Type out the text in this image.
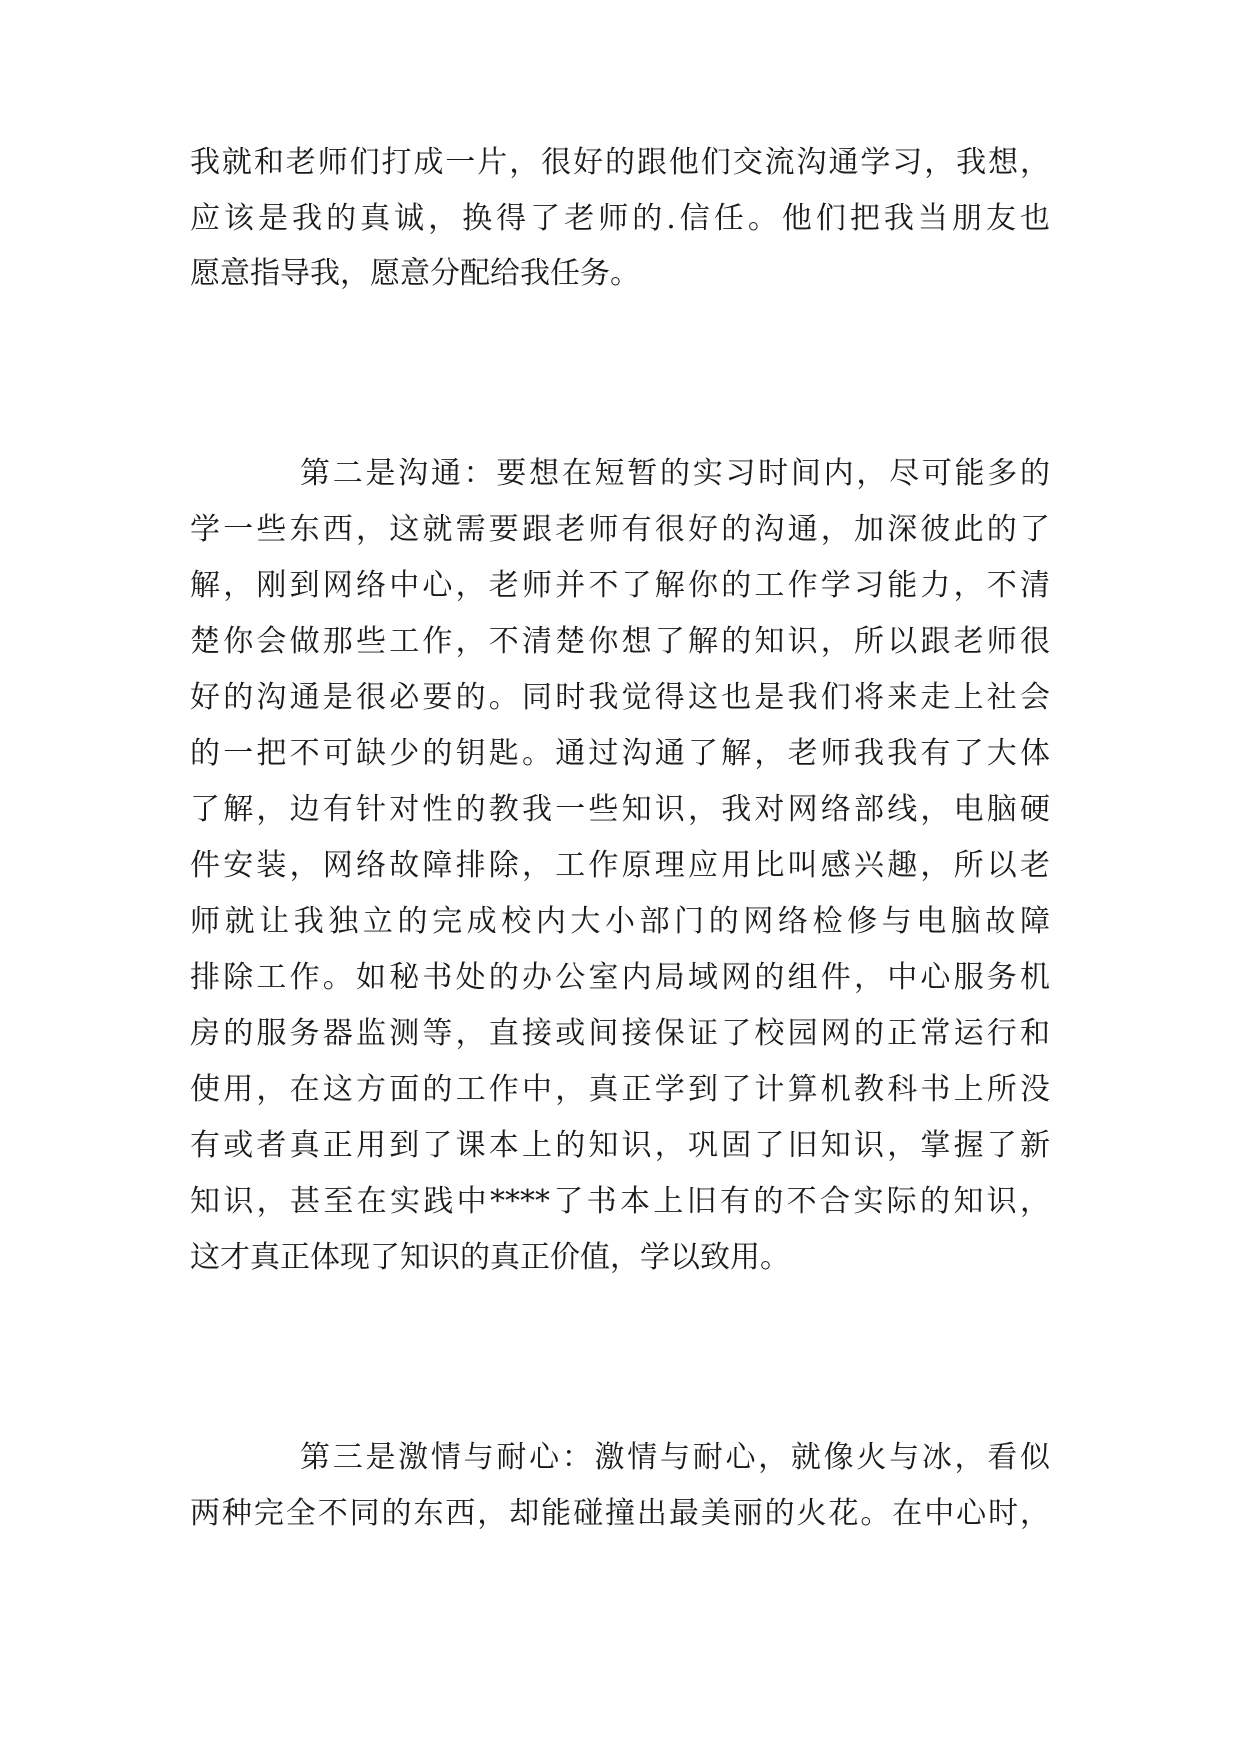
我就和老师们打成一片，很好的跟他们交流沟通学习，我想，
应该是我的真诚，换得了老师的.信任。他们把我当朋友也
愿意指导我，愿意分配给我任务。
第二是沟通：要想在短暂的实习时间内，尽可能多的
学一些东西，这就需要跟老师有很好的沟通，加深彼此的了
解，刚到网络中心，老师并不了解你的工作学习能力，不清
楚你会做那些工作，不清楚你想了解的知识，所以跟老师很
好的沟通是很必要的。同时我觉得这也是我们将来走上社会
的一把不可缺少的钥匙。通过沟通了解，老师我我有了大体
了解，边有针对性的教我一些知识，我对网络部线，电脑硬
件安装，网络故障排除，工作原理应用比叫感兴趣，所以老
师就让我独立的完成校内大小部门的网络检修与电脑故障
排除工作。如秘书处的办公室内局域网的组件，中心服务机
房的服务器监测等，直接或间接保证了校园网的正常运行和
使用，在这方面的工作中，真正学到了计算机教科书上所没
有或者真正用到了课本上的知识，巩固了旧知识，掌握了新
知识，甚至在实践中****了书本上旧有的不合实际的知识，
这才真正体现了知识的真正价值，学以致用。
第三是激情与耐心：激情与耐心，就像火与冰，看似
两种完全不同的东西，却能碰撞出最美丽的火花。在中心时，
